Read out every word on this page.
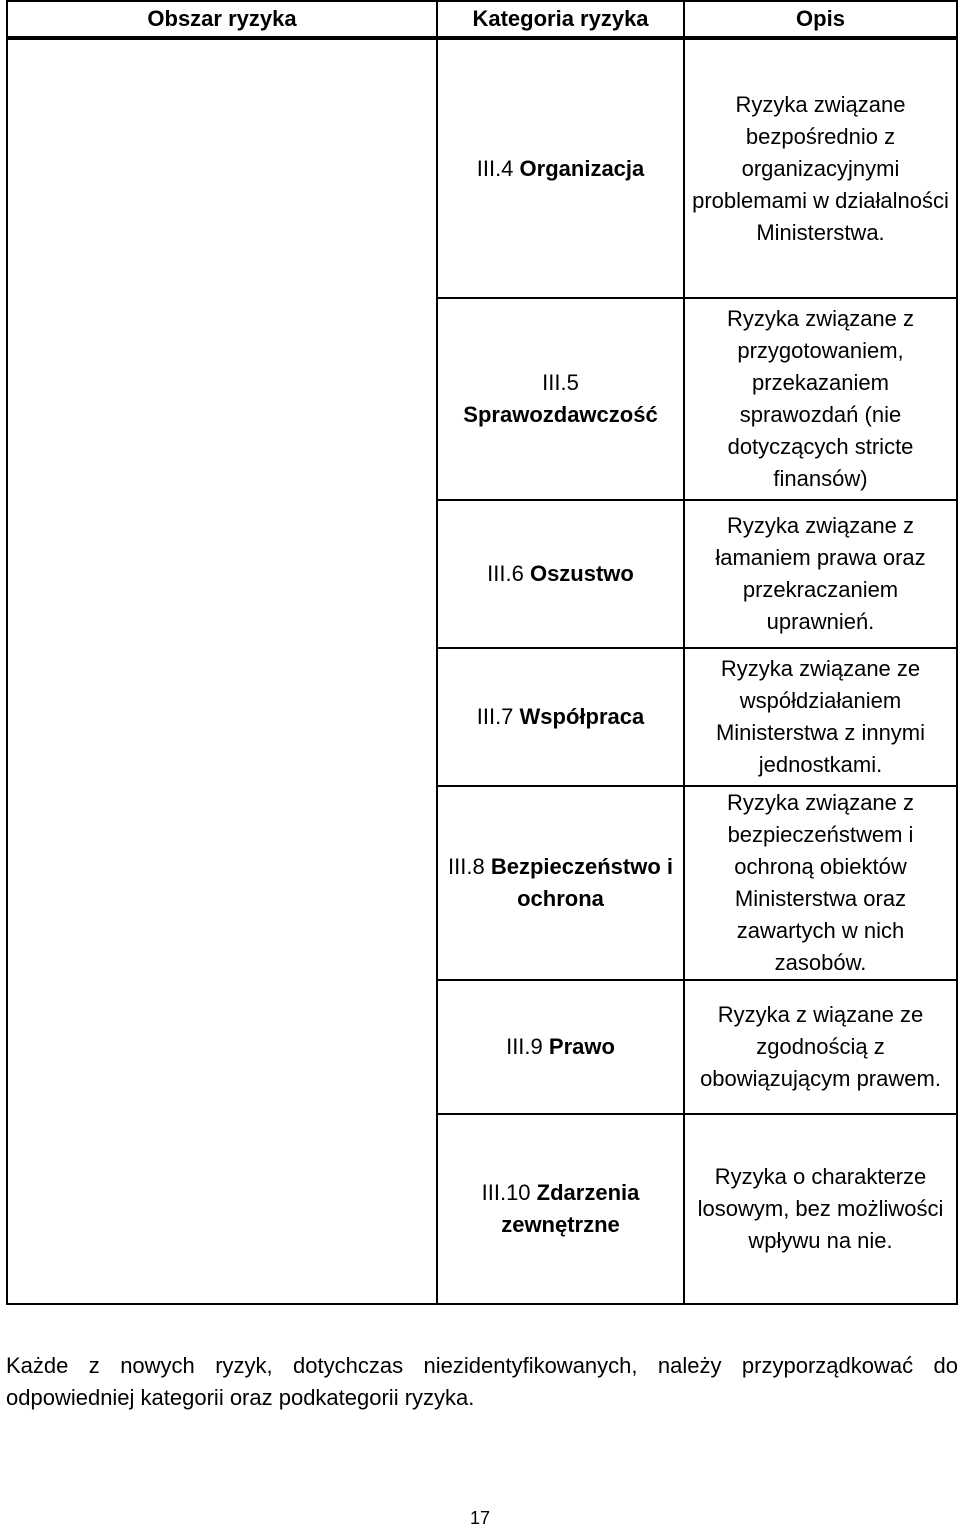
Obszar ryzyka	Kategoria ryzyka	Opis
	III.4 Organizacja	Ryzyka związane bezpośrednio z organizacyjnymi problemami w działalności Ministerstwa.
	III.5 Sprawozdawczość	Ryzyka związane z przygotowaniem, przekazaniem sprawozdań (nie dotyczących stricte finansów)
	III.6 Oszustwo	Ryzyka związane z łamaniem prawa oraz przekraczaniem uprawnień.
	III.7 Współpraca	Ryzyka związane ze współdziałaniem Ministerstwa z innymi jednostkami.
	III.8 Bezpieczeństwo i ochrona	Ryzyka związane z bezpieczeństwem i ochroną obiektów Ministerstwa oraz zawartych w nich zasobów.
	III.9 Prawo	Ryzyka z wiązane ze zgodnością z obowiązującym prawem.
	III.10 Zdarzenia zewnętrzne	Ryzyka o charakterze losowym, bez możliwości wpływu na nie.

Każde z nowych ryzyk, dotychczas niezidentyfikowanych, należy przyporządkować do odpowiedniej kategorii oraz podkategorii ryzyka.

17
